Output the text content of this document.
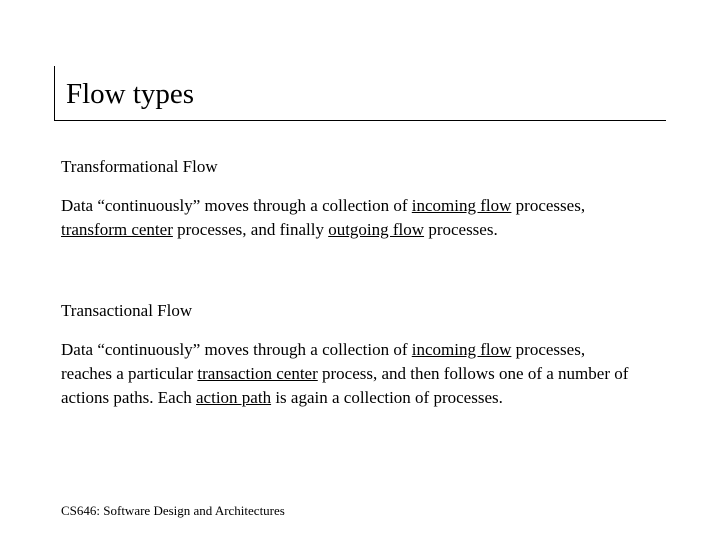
Flow types
Transformational Flow
Data “continuously” moves through a collection of incoming flow processes, transform center processes, and finally outgoing flow processes.
Transactional Flow
Data “continuously” moves through a collection of incoming flow processes, reaches a particular transaction center process, and then follows one of a number of actions paths. Each action path is again a collection of processes.
CS646: Software Design and Architectures
